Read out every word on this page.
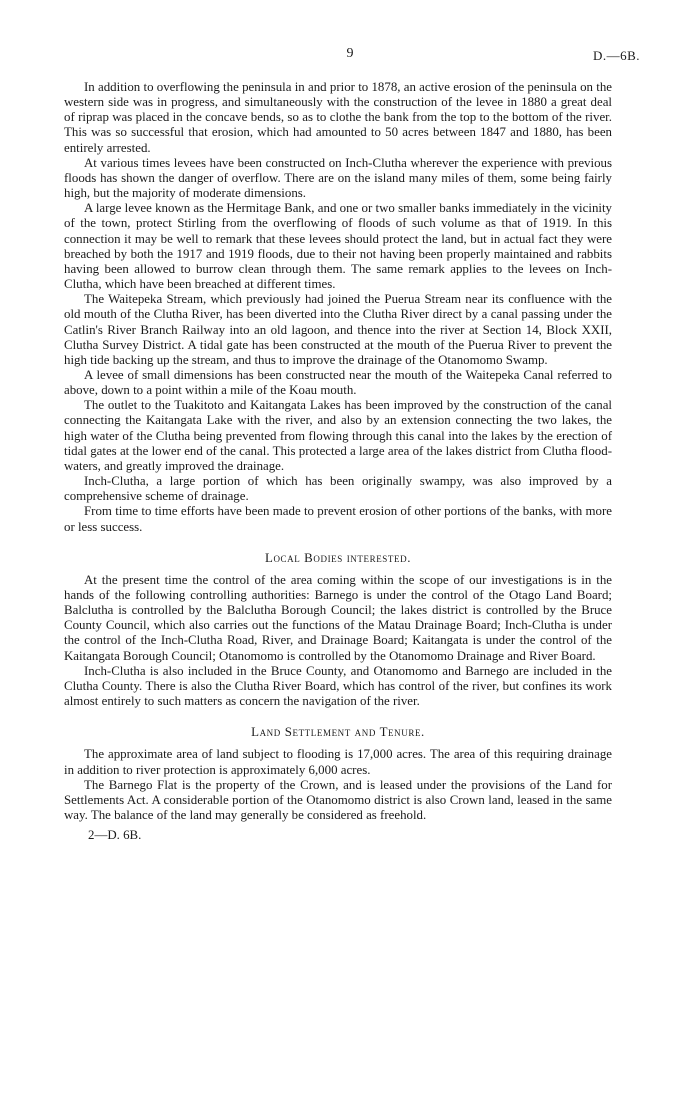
9	D.—6B.

In addition to overflowing the peninsula in and prior to 1878, an active erosion of the peninsula on the western side was in progress, and simultaneously with the construction of the levee in 1880 a great deal of riprap was placed in the concave bends, so as to clothe the bank from the top to the bottom of the river. This was so successful that erosion, which had amounted to 50 acres between 1847 and 1880, has been entirely arrested.

At various times levees have been constructed on Inch-Clutha wherever the experience with previous floods has shown the danger of overflow. There are on the island many miles of them, some being fairly high, but the majority of moderate dimensions.

A large levee known as the Hermitage Bank, and one or two smaller banks immediately in the vicinity of the town, protect Stirling from the overflowing of floods of such volume as that of 1919. In this connection it may be well to remark that these levees should protect the land, but in actual fact they were breached by both the 1917 and 1919 floods, due to their not having been properly maintained and rabbits having been allowed to burrow clean through them. The same remark applies to the levees on Inch-Clutha, which have been breached at different times.

The Waitepeka Stream, which previously had joined the Puerua Stream near its confluence with the old mouth of the Clutha River, has been diverted into the Clutha River direct by a canal passing under the Catlin's River Branch Railway into an old lagoon, and thence into the river at Section 14, Block XXII, Clutha Survey District. A tidal gate has been constructed at the mouth of the Puerua River to prevent the high tide backing up the stream, and thus to improve the drainage of the Otanomomo Swamp.

A levee of small dimensions has been constructed near the mouth of the Waitepeka Canal referred to above, down to a point within a mile of the Koau mouth.

The outlet to the Tuakitoto and Kaitangata Lakes has been improved by the construction of the canal connecting the Kaitangata Lake with the river, and also by an extension connecting the two lakes, the high water of the Clutha being prevented from flowing through this canal into the lakes by the erection of tidal gates at the lower end of the canal. This protected a large area of the lakes district from Clutha flood-waters, and greatly improved the drainage.

Inch-Clutha, a large portion of which has been originally swampy, was also improved by a comprehensive scheme of drainage.

From time to time efforts have been made to prevent erosion of other portions of the banks, with more or less success.

Local Bodies interested.

At the present time the control of the area coming within the scope of our investigations is in the hands of the following controlling authorities: Barnego is under the control of the Otago Land Board; Balclutha is controlled by the Balclutha Borough Council; the lakes district is controlled by the Bruce County Council, which also carries out the functions of the Matau Drainage Board; Inch-Clutha is under the control of the Inch-Clutha Road, River, and Drainage Board; Kaitangata is under the control of the Kaitangata Borough Council; Otanomomo is controlled by the Otanomomo Drainage and River Board.

Inch-Clutha is also included in the Bruce County, and Otanomomo and Barnego are included in the Clutha County. There is also the Clutha River Board, which has control of the river, but confines its work almost entirely to such matters as concern the navigation of the river.

Land Settlement and Tenure.

The approximate area of land subject to flooding is 17,000 acres. The area of this requiring drainage in addition to river protection is approximately 6,000 acres.

The Barnego Flat is the property of the Crown, and is leased under the provisions of the Land for Settlements Act. A considerable portion of the Otanomomo district is also Crown land, leased in the same way. The balance of the land may generally be considered as freehold.

2—D. 6B.
